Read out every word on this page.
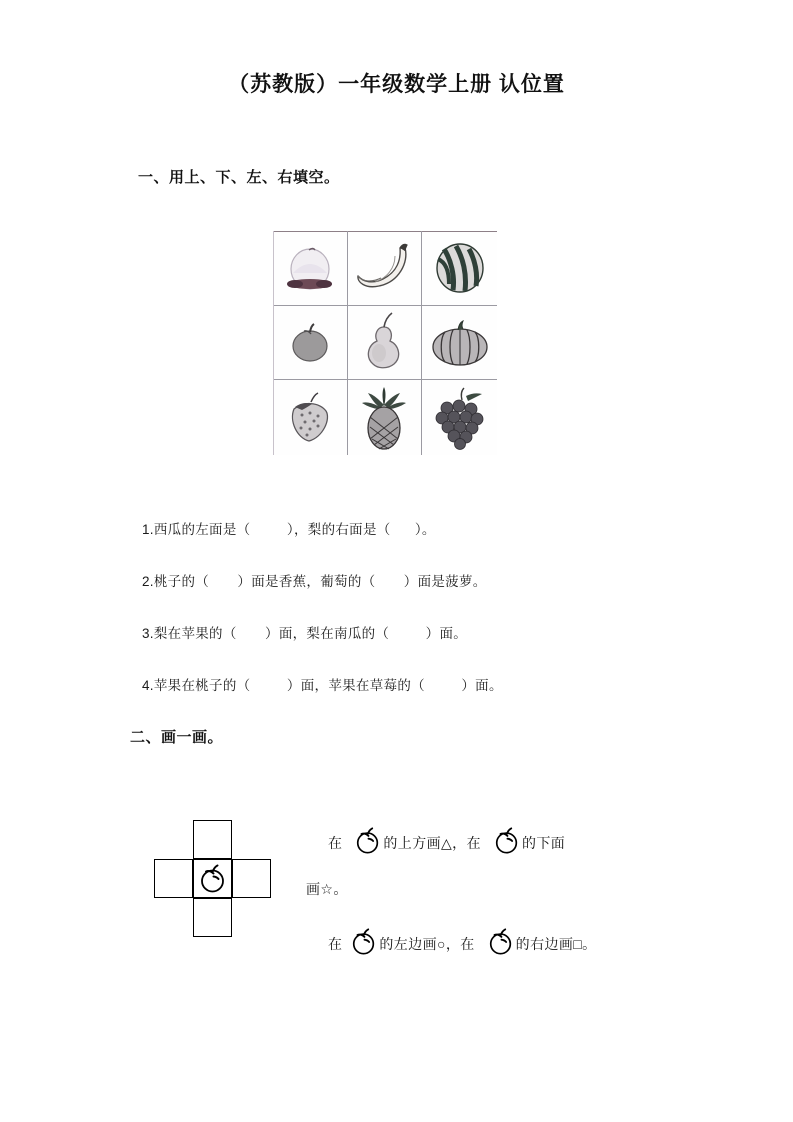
（苏教版）一年级数学上册 认位置
一、用上、下、左、右填空。
1.西瓜的左面是（         ），梨的右面是（      ）。
2.桃子的（       ）面是香蕉，葡萄的（       ）面是菠萝。
3.梨在苹果的（       ）面，梨在南瓜的（         ）面。
4.苹果在桃子的（         ）面，苹果在草莓的（         ）面。
二、画一画。
在	的上方画△，在	的下面
画☆。
在	的左边画○，在	的右边画□。
